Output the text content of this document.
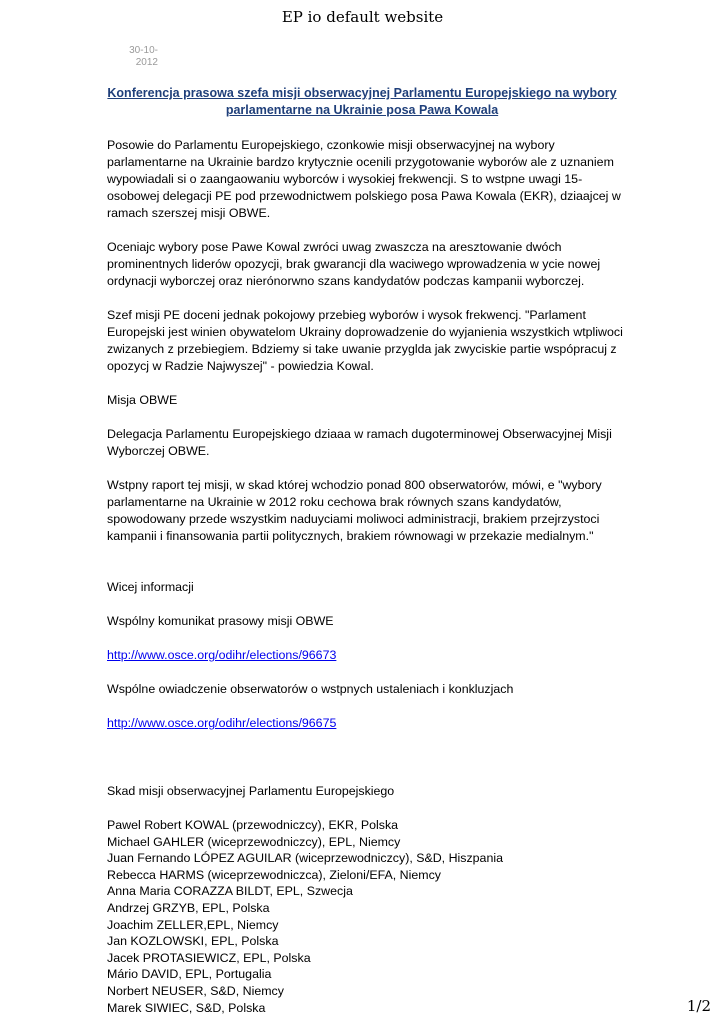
EP io default website
30-10-
2012
Konferencja prasowa szefa misji obserwacyjnej Parlamentu Europejskiego na wybory parlamentarne na Ukrainie posa Pawa Kowala

Posowie do Parlamentu Europejskiego, czonkowie misji obserwacyjnej na wybory parlamentarne na Ukrainie bardzo krytycznie ocenili przygotowanie wyborów ale z uznaniem wypowiadali si o zaangaowaniu wyborców i wysokiej frekwencji. S to wstpne uwagi 15-osobowej delegacji PE pod przewodnictwem polskiego posa Pawa Kowala (EKR), dziaajcej w ramach szerszej misji OBWE.

Oceniajc wybory pose Pawe Kowal zwróci uwag zwaszcza na aresztowanie dwóch prominentnych liderów opozycji, brak gwarancji dla waciwego wprowadzenia w ycie nowej ordynacji wyborczej oraz nierónorwno szans kandydatów podczas kampanii wyborczej.

Szef misji PE doceni jednak pokojowy przebieg wyborów i wysok frekwencj. "Parlament Europejski jest winien obywatelom Ukrainy doprowadzenie do wyjanienia wszystkich wtpliwoci zwizanych z przebiegiem. Bdziemy si take uwanie przyglda jak zwyciskie partie wspópracuj z opozycj w Radzie Najwyszej" - powiedzia Kowal.

Misja OBWE

Delegacja Parlamentu Europejskiego dziaaa w ramach dugoterminowej Obserwacyjnej Misji Wyborczej OBWE.

Wstpny raport tej misji, w skad której wchodzio ponad 800 obserwatorów, mówi, e "wybory parlamentarne na Ukrainie w 2012 roku cechowa brak równych szans kandydatów, spowodowany przede wszystkim naduyciami moliwoci administracji, brakiem przejrzystoci kampanii i finansowania partii politycznych, brakiem równowagi w przekazie medialnym."

Wicej informacji

Wspólny komunikat prasowy misji OBWE

http://www.osce.org/odihr/elections/96673

Wspólne owiadczenie obserwatorów o wstpnych ustaleniach i konkluzjach

http://www.osce.org/odihr/elections/96675

Skad misji obserwacyjnej Parlamentu Europejskiego

Pawel Robert KOWAL (przewodniczcy), EKR, Polska
Michael GAHLER (wiceprzewodniczcy), EPL, Niemcy
Juan Fernando LÓPEZ AGUILAR (wiceprzewodniczcy), S&D, Hiszpania
Rebecca HARMS (wiceprzewodniczca), Zieloni/EFA, Niemcy
Anna Maria CORAZZA BILDT, EPL, Szwecja
Andrzej GRZYB, EPL, Polska
Joachim ZELLER,EPL, Niemcy
Jan KOZLOWSKI, EPL, Polska
Jacek PROTASIEWICZ, EPL, Polska
Mário DAVID, EPL, Portugalia
Norbert NEUSER, S&D, Niemcy
Marek SIWIEC, S&D, Polska	1/2
